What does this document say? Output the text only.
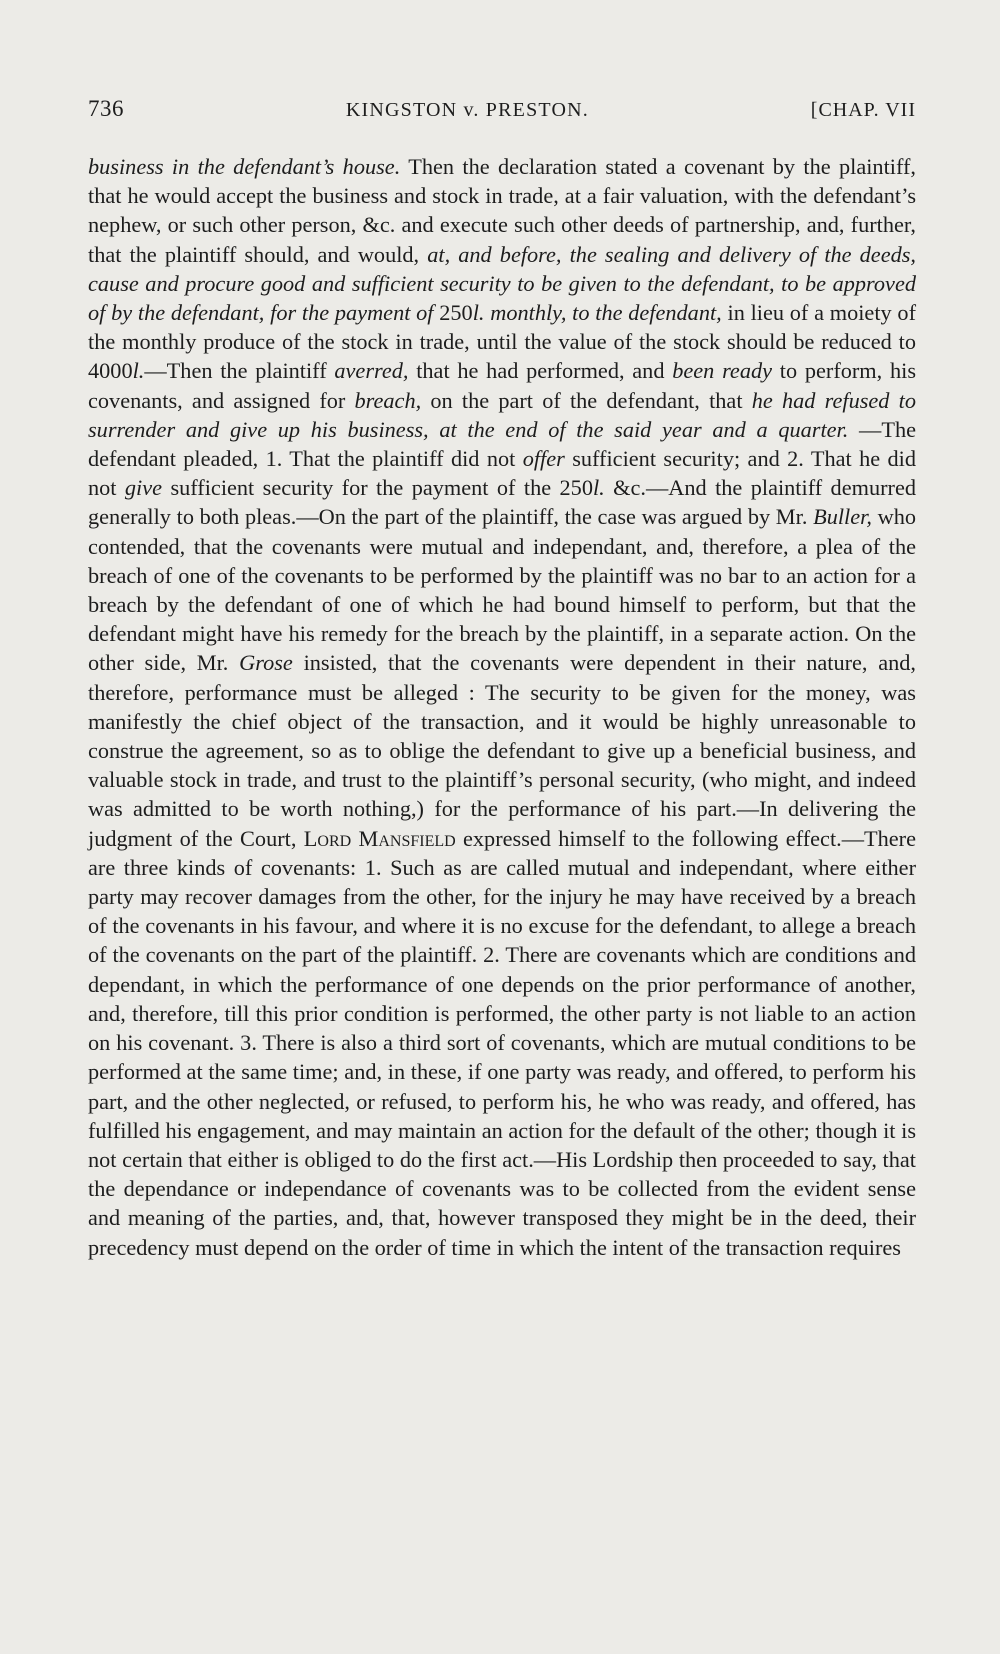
736	KINGSTON v. PRESTON.	[CHAP. VII

business in the defendant’s house. Then the declaration stated a covenant by the plaintiff, that he would accept the business and stock in trade, at a fair valuation, with the defendant’s nephew, or such other person, &c. and execute such other deeds of partnership, and, further, that the plaintiff should, and would, at, and before, the sealing and delivery of the deeds, cause and procure good and sufficient security to be given to the defendant, to be approved of by the defendant, for the payment of 250l. monthly, to the defendant, in lieu of a moiety of the monthly produce of the stock in trade, until the value of the stock should be reduced to 4000l.—Then the plaintiff averred, that he had performed, and been ready to perform, his covenants, and assigned for breach, on the part of the defendant, that he had refused to surrender and give up his business, at the end of the said year and a quarter. —The defendant pleaded, 1. That the plaintiff did not offer sufficient security; and 2. That he did not give sufficient security for the payment of the 250l. &c.—And the plaintiff demurred generally to both pleas.—On the part of the plaintiff, the case was argued by Mr. Buller, who contended, that the covenants were mutual and independant, and, therefore, a plea of the breach of one of the covenants to be performed by the plaintiff was no bar to an action for a breach by the defendant of one of which he had bound himself to perform, but that the defendant might have his remedy for the breach by the plaintiff, in a separate action. On the other side, Mr. Grose insisted, that the covenants were dependent in their nature, and, therefore, performance must be alleged : The security to be given for the money, was manifestly the chief object of the transaction, and it would be highly unreasonable to construe the agreement, so as to oblige the defendant to give up a beneficial business, and valuable stock in trade, and trust to the plaintiff’s personal security, (who might, and indeed was admitted to be worth nothing,) for the performance of his part.—In delivering the judgment of the Court, Lord Mansfield expressed himself to the following effect.—There are three kinds of covenants: 1. Such as are called mutual and independant, where either party may recover damages from the other, for the injury he may have received by a breach of the covenants in his favour, and where it is no excuse for the defendant, to allege a breach of the covenants on the part of the plaintiff. 2. There are covenants which are conditions and dependant, in which the performance of one depends on the prior performance of another, and, therefore, till this prior condition is performed, the other party is not liable to an action on his covenant. 3. There is also a third sort of covenants, which are mutual conditions to be performed at the same time; and, in these, if one party was ready, and offered, to perform his part, and the other neglected, or refused, to perform his, he who was ready, and offered, has fulfilled his engagement, and may maintain an action for the default of the other; though it is not certain that either is obliged to do the first act.—His Lordship then proceeded to say, that the dependance or independance of covenants was to be collected from the evident sense and meaning of the parties, and, that, however transposed they might be in the deed, their precedency must depend on the order of time in which the intent of the transaction requires
